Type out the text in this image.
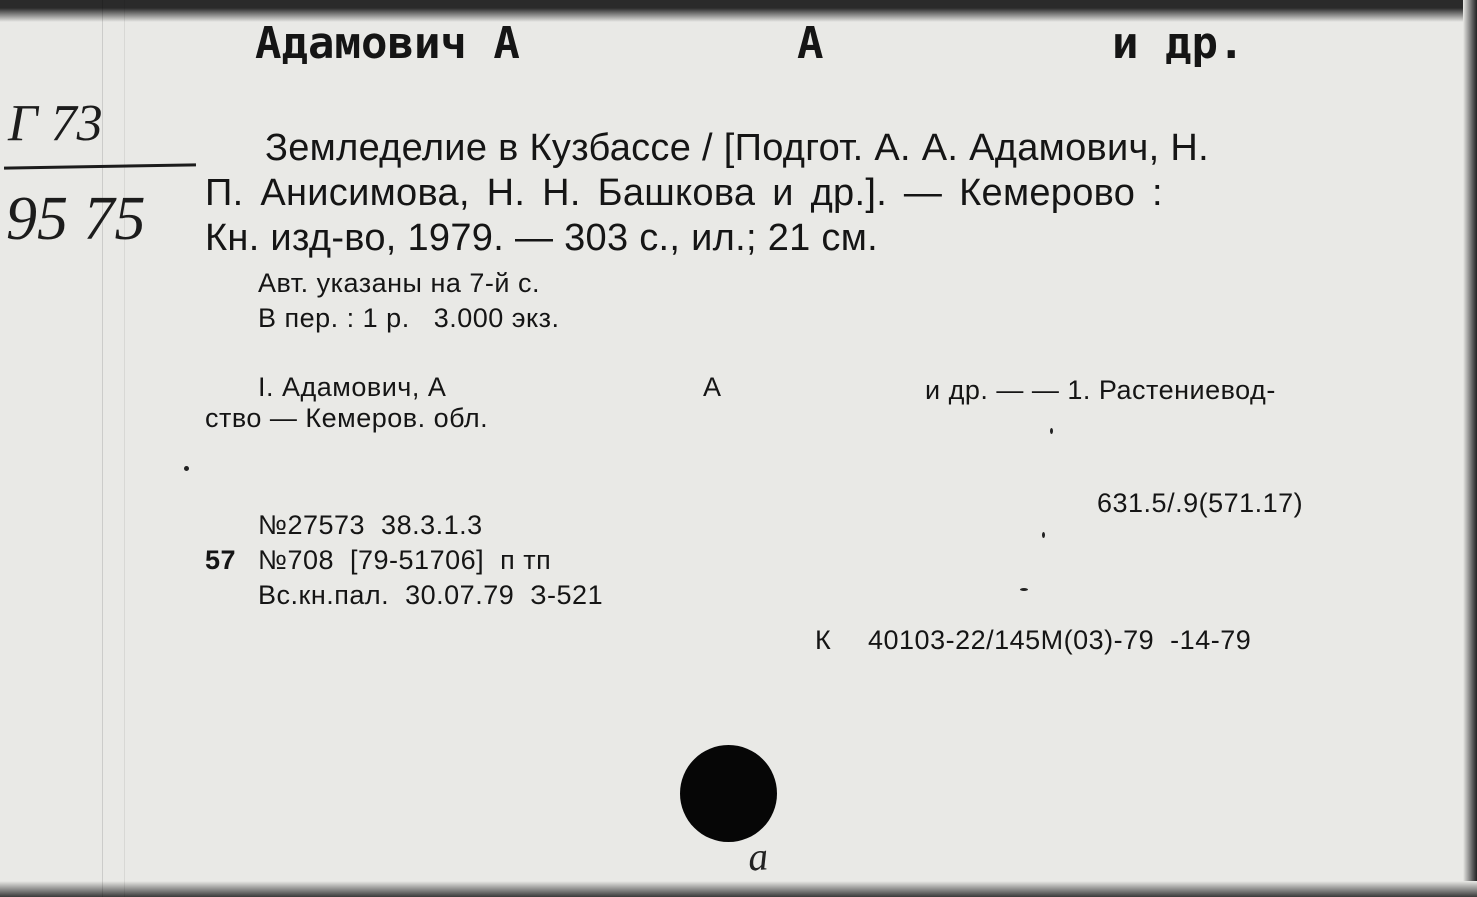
Адамович А	А	и др.
Г 73
95 75
Земледелие в Кузбассе / [Подгот. А. А. Адамович, Н.
П. Анисимова, Н. Н. Башкова и др.]. — Кемерово :
Кн. изд-во, 1979. — 303 с., ил.; 21 см.
Авт. указаны на 7-й с.
В пер. : 1 р.   3.000 экз.
I. Адамович, А	А	и др. — — 1. Растениевод-
ство — Кемеров. обл.
631.5/.9(571.17)
№27573  38.3.1.3
57 №708  [79-51706]  п тп
Вс.кн.пал.  30.07.79  З-521
К 40103-22/145М(03)-79  -14-79
a
